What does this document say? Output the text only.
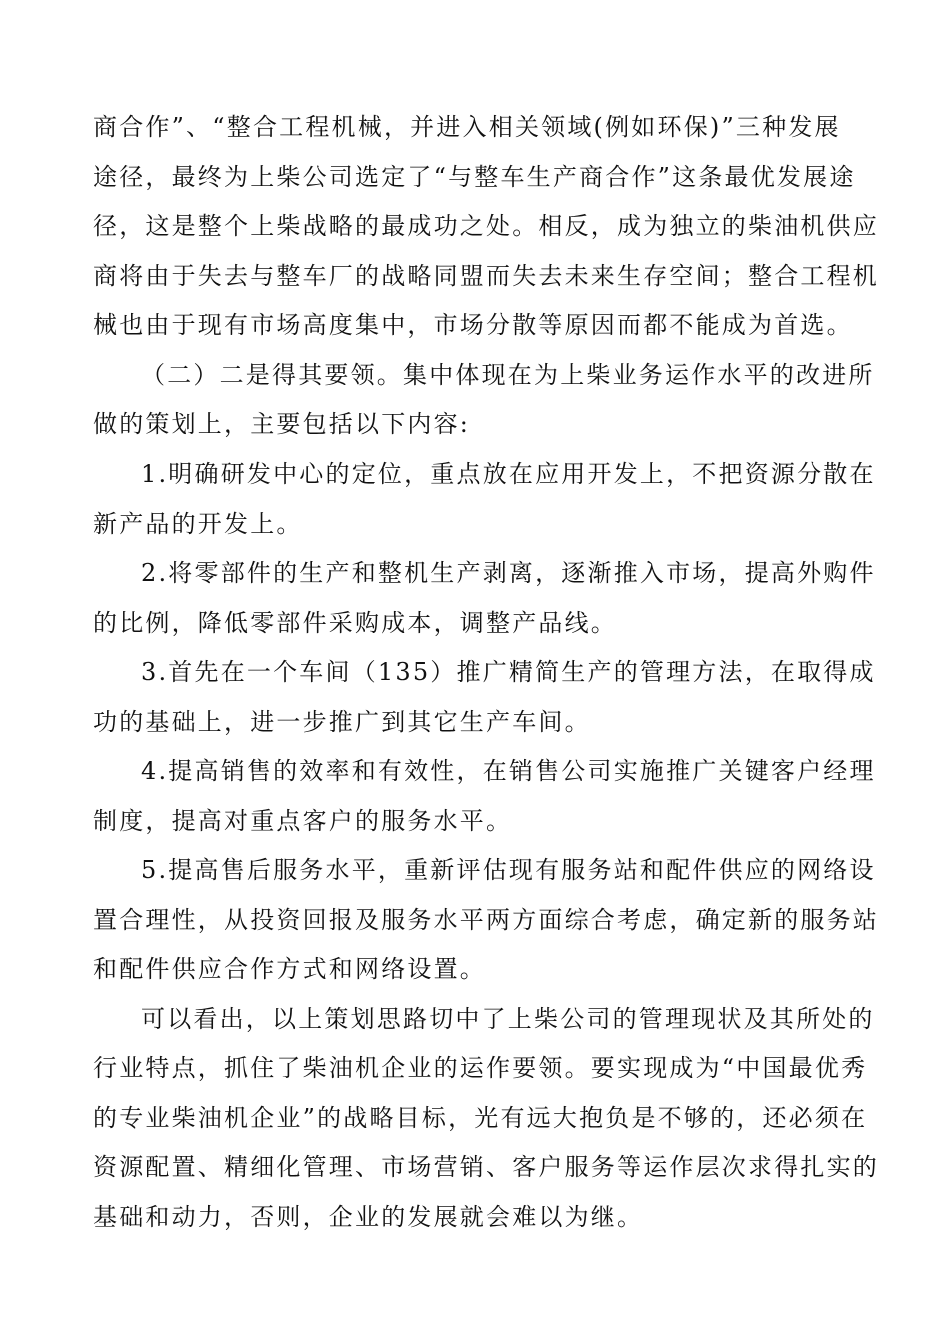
商合作”、“整合工程机械，并进入相关领域(例如环保)”三种发展
途径，最终为上柴公司选定了“与整车生产商合作”这条最优发展途
径，这是整个上柴战略的最成功之处。相反，成为独立的柴油机供应
商将由于失去与整车厂的战略同盟而失去未来生存空间；整合工程机
械也由于现有市场高度集中，市场分散等原因而都不能成为首选。
（二）二是得其要领。集中体现在为上柴业务运作水平的改进所
做的策划上，主要包括以下内容:
1.明确研发中心的定位，重点放在应用开发上，不把资源分散在
新产品的开发上。
2.将零部件的生产和整机生产剥离，逐渐推入市场，提高外购件
的比例，降低零部件采购成本，调整产品线。
3.首先在一个车间（135）推广精简生产的管理方法，在取得成
功的基础上，进一步推广到其它生产车间。
4.提高销售的效率和有效性，在销售公司实施推广关键客户经理
制度，提高对重点客户的服务水平。
5.提高售后服务水平，重新评估现有服务站和配件供应的网络设
置合理性，从投资回报及服务水平两方面综合考虑，确定新的服务站
和配件供应合作方式和网络设置。
可以看出，以上策划思路切中了上柴公司的管理现状及其所处的
行业特点，抓住了柴油机企业的运作要领。要实现成为“中国最优秀
的专业柴油机企业”的战略目标，光有远大抱负是不够的，还必须在
资源配置、精细化管理、市场营销、客户服务等运作层次求得扎实的
基础和动力，否则，企业的发展就会难以为继。
